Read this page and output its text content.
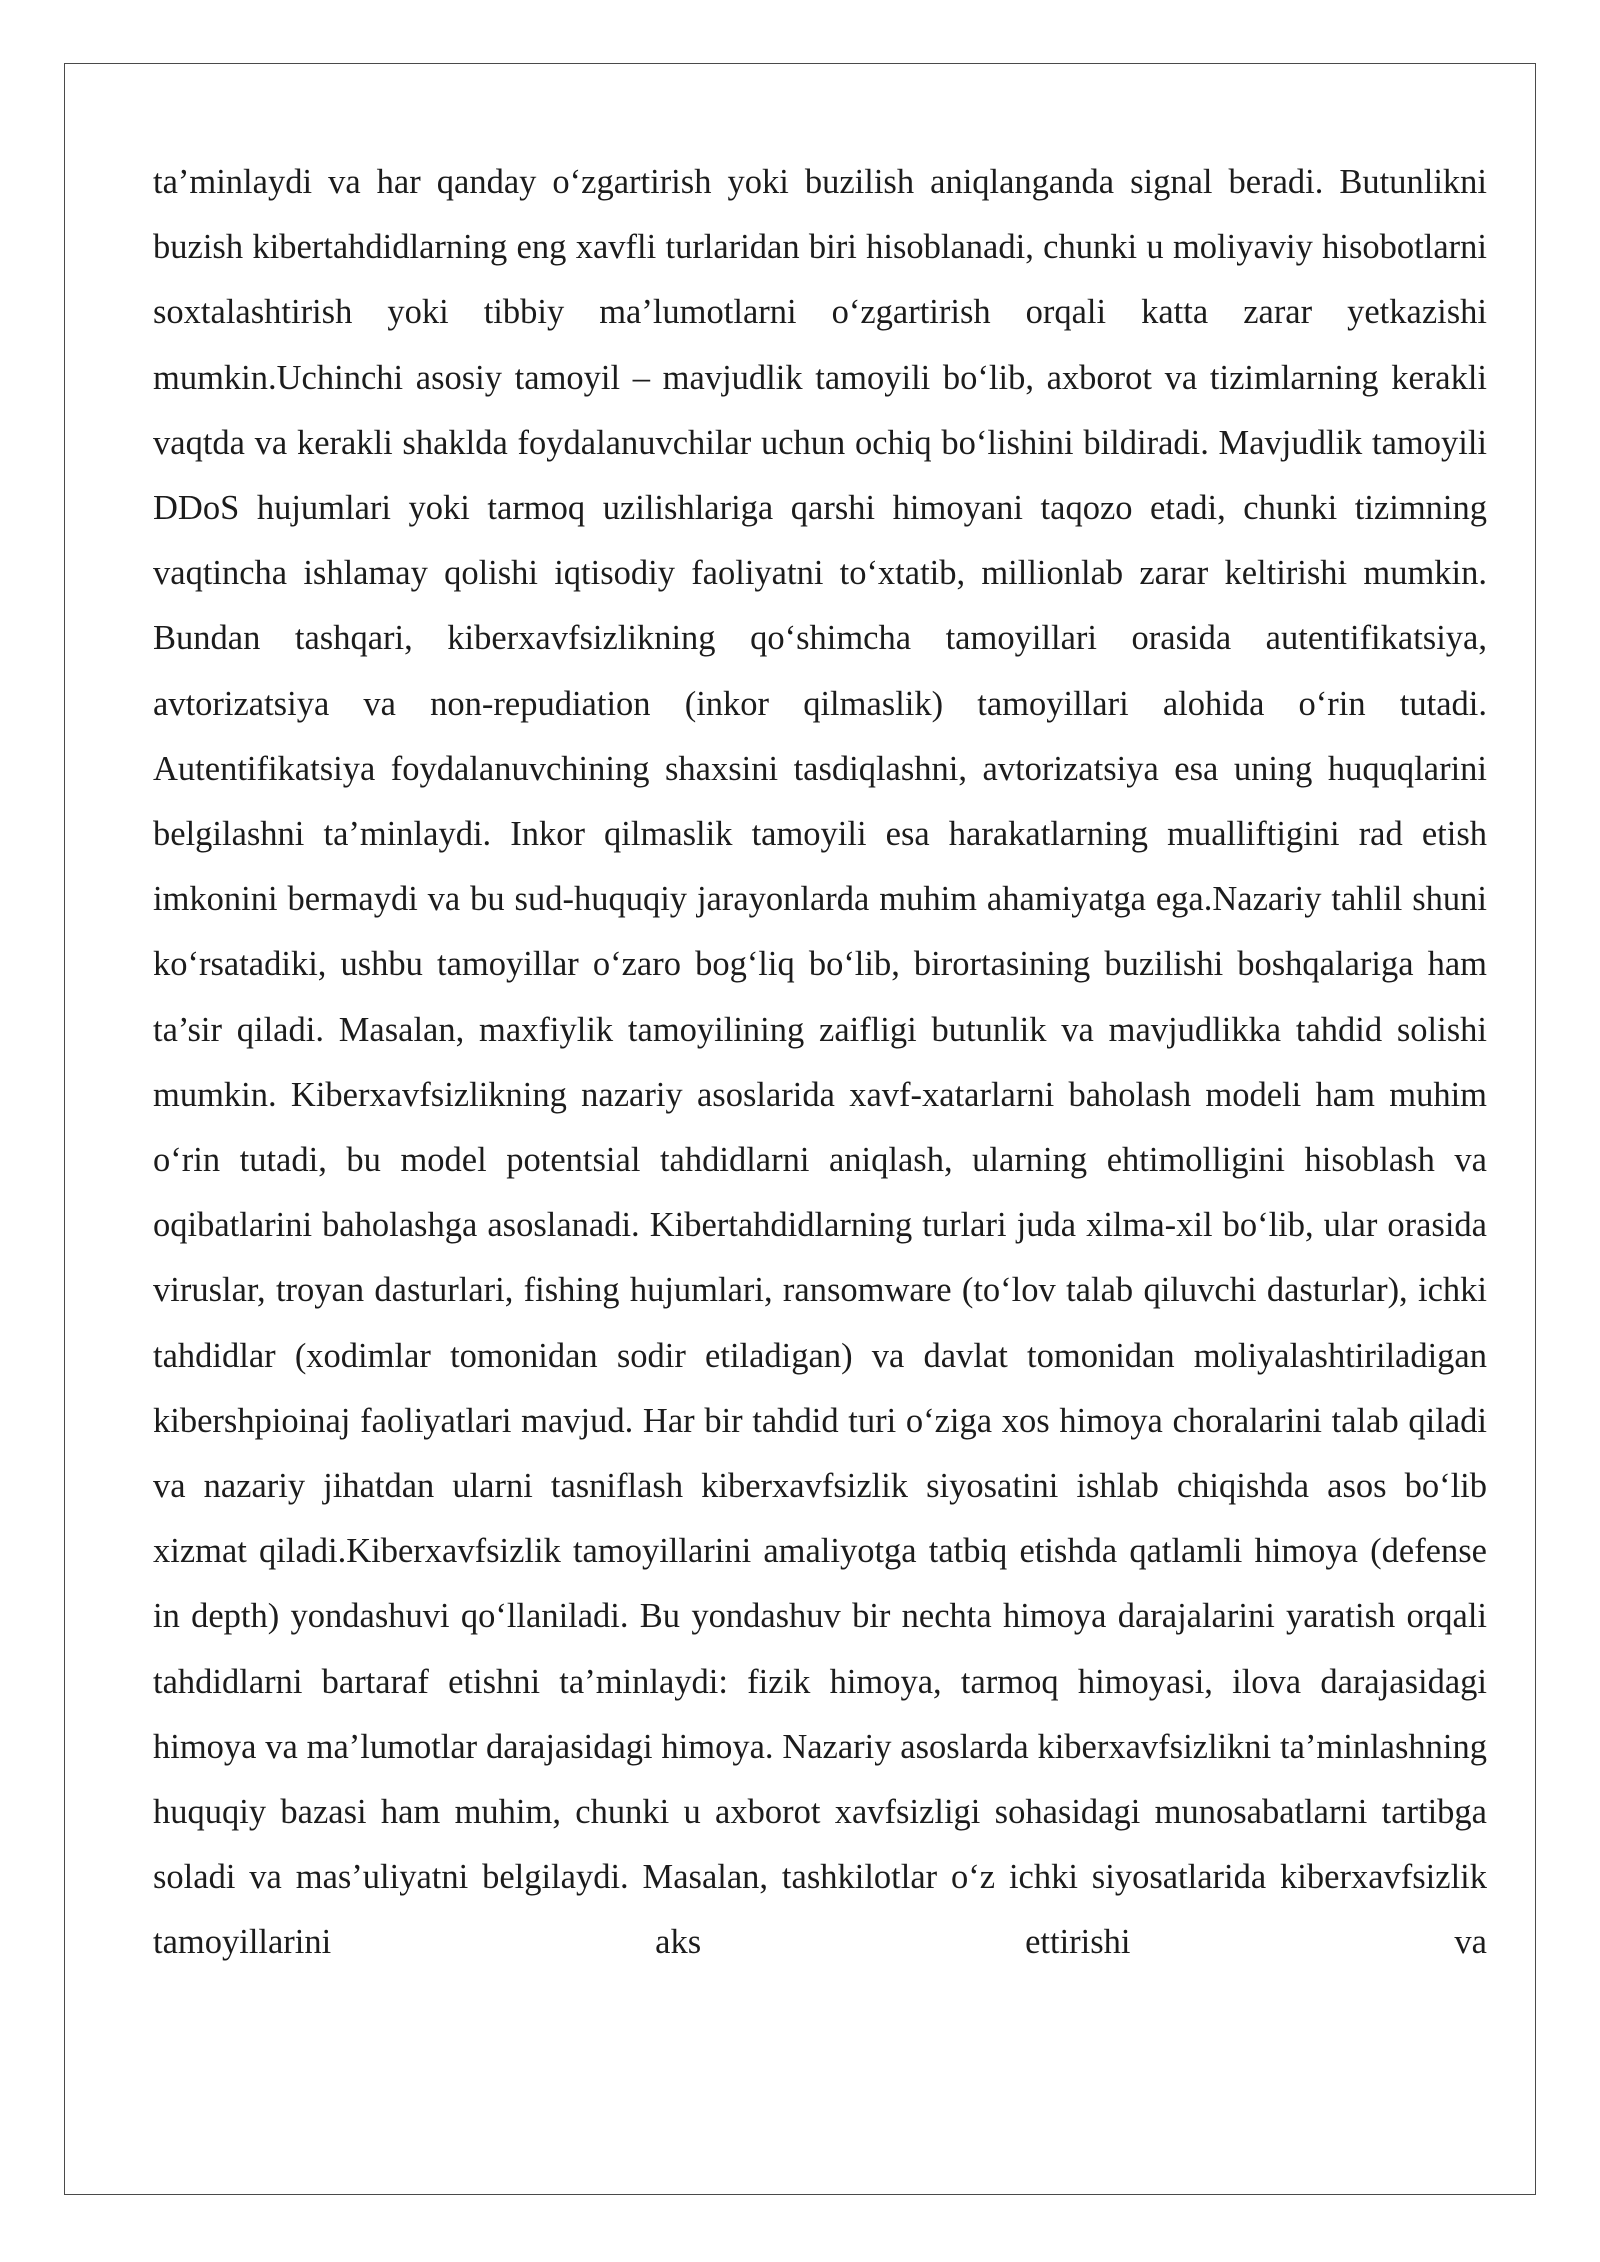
ta’minlaydi va har qanday o‘zgartirish yoki buzilish aniqlanganda signal beradi. Butunlikni buzish kibertahdidlarning eng xavfli turlaridan biri hisoblanadi, chunki u moliyaviy hisobotlarni soxtalashtirish yoki tibbiy ma’lumotlarni o‘zgartirish orqali katta zarar yetkazishi mumkin.Uchinchi asosiy tamoyil – mavjudlik tamoyili bo‘lib, axborot va tizimlarning kerakli vaqtda va kerakli shaklda foydalanuvchilar uchun ochiq bo‘lishini bildiradi. Mavjudlik tamoyili DDoS hujumlari yoki tarmoq uzilishlariga qarshi himoyani taqozo etadi, chunki tizimning vaqtincha ishlamay qolishi iqtisodiy faoliyatni to‘xtatib, millionlab zarar keltirishi mumkin. Bundan tashqari, kiberxavfsizlikning qo‘shimcha tamoyillari orasida autentifikatsiya, avtorizatsiya va non-repudiation (inkor qilmaslik) tamoyillari alohida o‘rin tutadi. Autentifikatsiya foydalanuvchining shaxsini tasdiqlashni, avtorizatsiya esa uning huquqlarini belgilashni ta’minlaydi. Inkor qilmaslik tamoyili esa harakatlarning mualliftigini rad etish imkonini bermaydi va bu sud-huquqiy jarayonlarda muhim ahamiyatga ega.Nazariy tahlil shuni ko‘rsatadiki, ushbu tamoyillar o‘zaro bog‘liq bo‘lib, birortasining buzilishi boshqalariga ham ta’sir qiladi. Masalan, maxfiylik tamoyilining zaifligi butunlik va mavjudlikka tahdid solishi mumkin. Kiberxavfsizlikning nazariy asoslarida xavf-xatarlarni baholash modeli ham muhim o‘rin tutadi, bu model potentsial tahdidlarni aniqlash, ularning ehtimolligini hisoblash va oqibatlarini baholashga asoslanadi. Kibertahdidlarning turlari juda xilma-xil bo‘lib, ular orasida viruslar, troyan dasturlari, fishing hujumlari, ransomware (to‘lov talab qiluvchi dasturlar), ichki tahdidlar (xodimlar tomonidan sodir etiladigan) va davlat tomonidan moliyalashtiriladigan kibershpioinaj faoliyatlari mavjud. Har bir tahdid turi o‘ziga xos himoya choralarini talab qiladi va nazariy jihatdan ularni tasniflash kiberxavfsizlik siyosatini ishlab chiqishda asos bo‘lib xizmat qiladi.Kiberxavfsizlik tamoyillarini amaliyotga tatbiq etishda qatlamli himoya (defense in depth) yondashuvi qo‘llaniladi. Bu yondashuv bir nechta himoya darajalarini yaratish orqali tahdidlarni bartaraf etishni ta’minlaydi: fizik himoya, tarmoq himoyasi, ilova darajasidagi himoya va ma’lumotlar darajasidagi himoya. Nazariy asoslarda kiberxavfsizlikni ta’minlashning huquqiy bazasi ham muhim, chunki u axborot xavfsizligi sohasidagi munosabatlarni tartibga soladi va mas’uliyatni belgilaydi. Masalan, tashkilotlar o‘z ichki siyosatlarida kiberxavfsizlik tamoyillarini aks ettirishi va
